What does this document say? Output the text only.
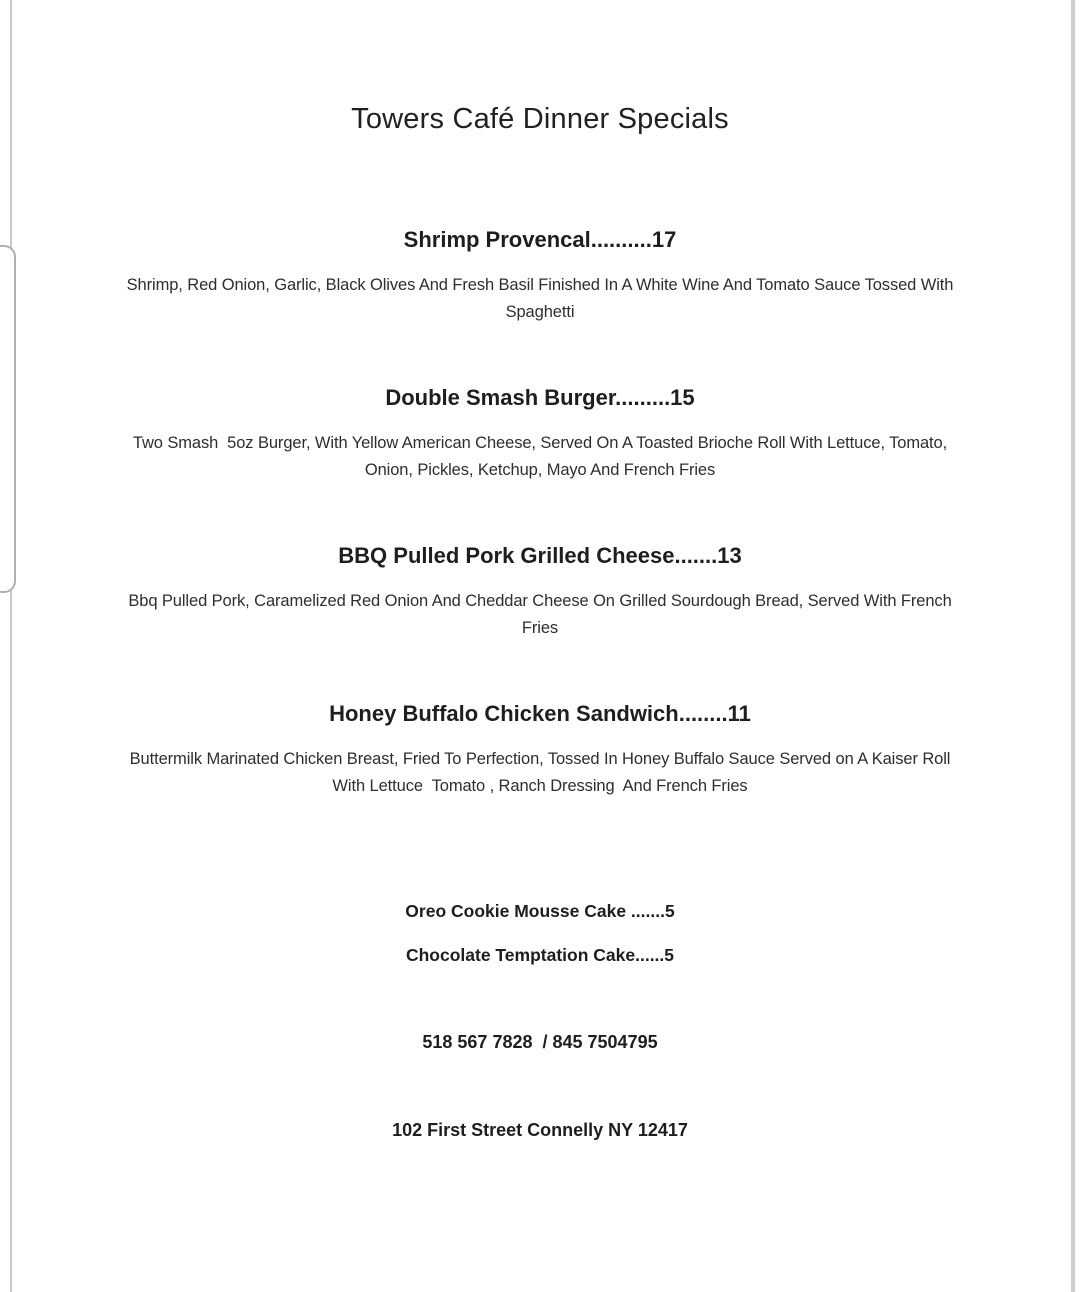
Towers Café Dinner Specials
Shrimp Provencal..........17

Shrimp, Red Onion, Garlic, Black Olives And Fresh Basil Finished In A White Wine And Tomato Sauce Tossed With Spaghetti

Double Smash Burger.........15

Two Smash  5oz Burger, With Yellow American Cheese, Served On A Toasted Brioche Roll With Lettuce, Tomato, Onion, Pickles, Ketchup, Mayo And French Fries

BBQ Pulled Pork Grilled Cheese.......13

Bbq Pulled Pork, Caramelized Red Onion And Cheddar Cheese On Grilled Sourdough Bread, Served With French Fries

Honey Buffalo Chicken Sandwich........11

Buttermilk Marinated Chicken Breast, Fried To Perfection, Tossed In Honey Buffalo Sauce Served on A Kaiser Roll With Lettuce  Tomato , Ranch Dressing  And French Fries

Oreo Cookie Mousse Cake .......5

Chocolate Temptation Cake......5

518 567 7828  / 845 7504795

102 First Street Connelly NY 12417
